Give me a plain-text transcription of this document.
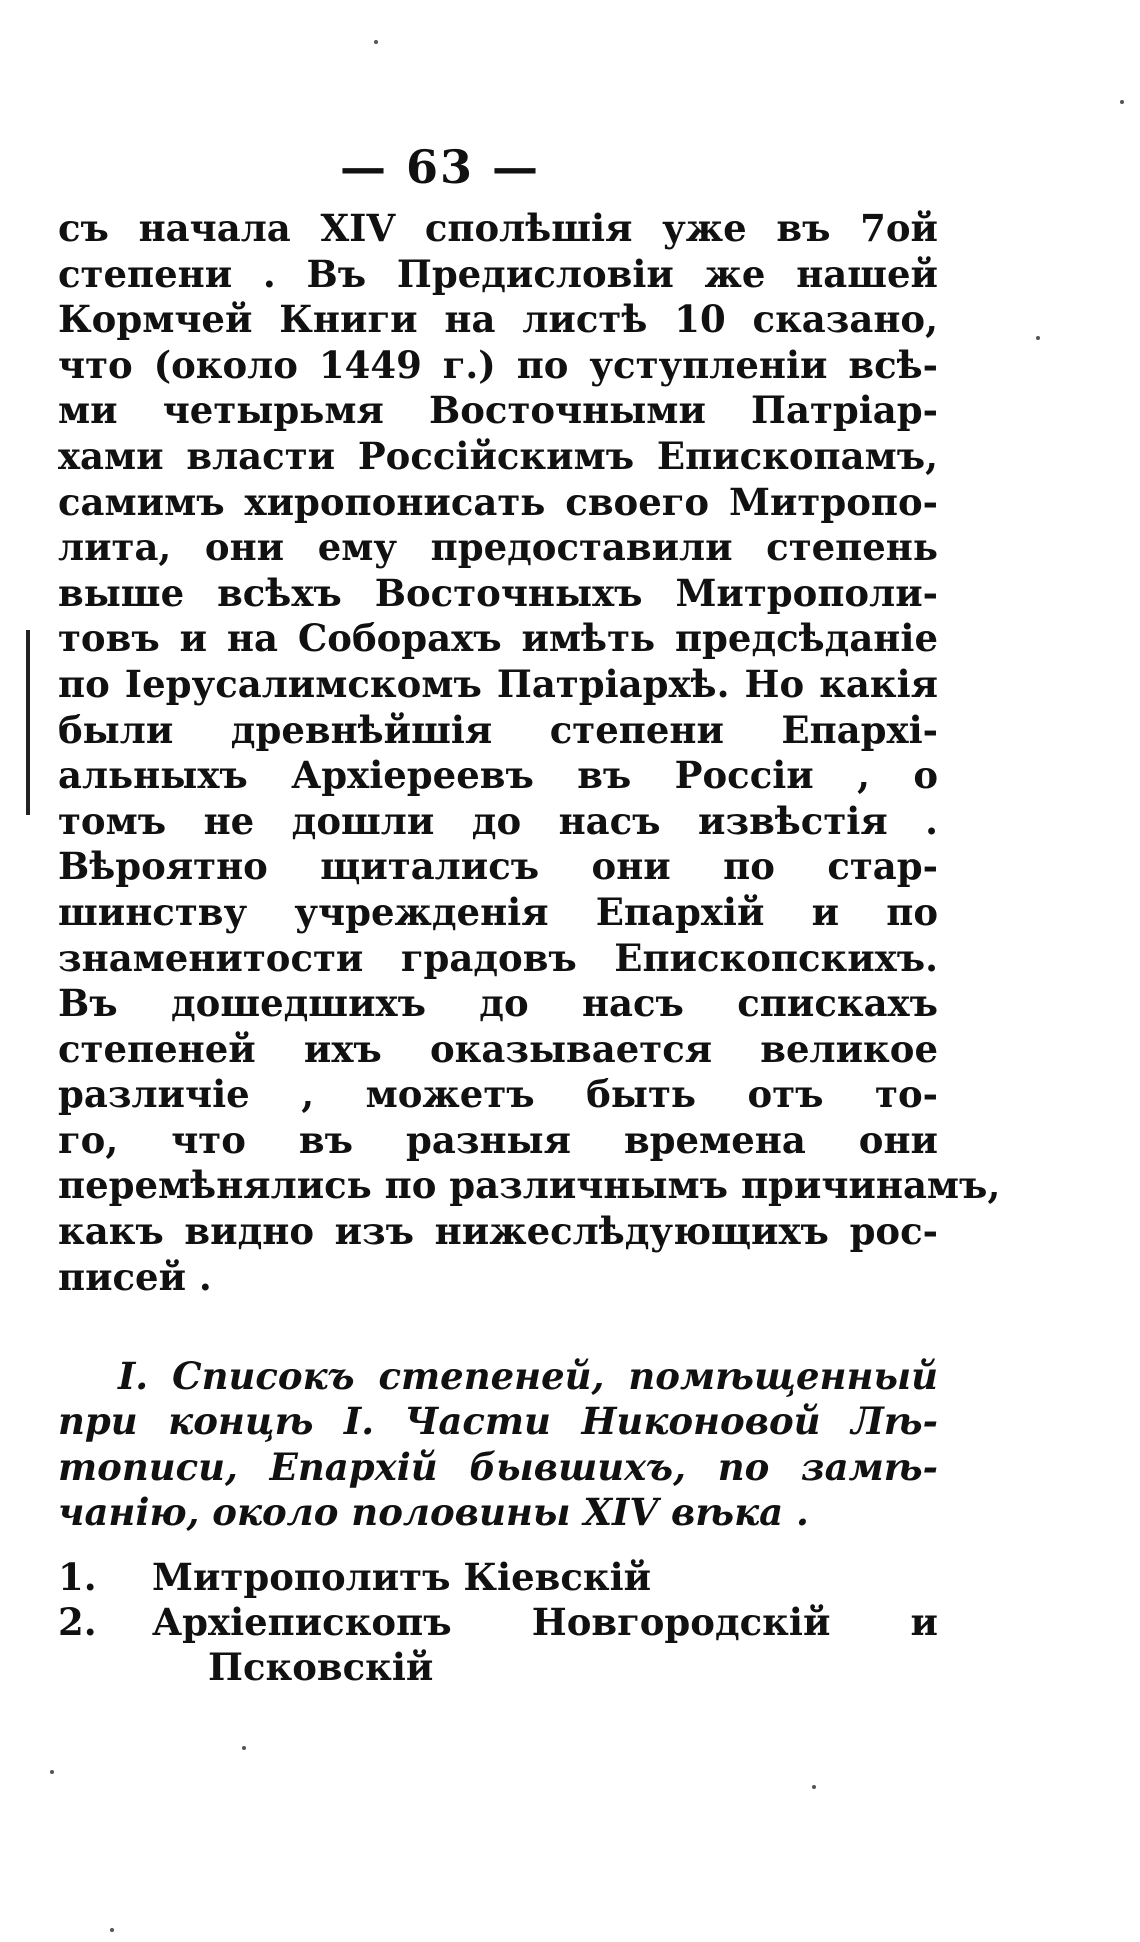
— 63 —
съ начала XIV сполѣшія уже въ 7ой
степени . Въ Предисловіи же нашей
Кормчей Книги на листѣ 10 сказано,
что (около 1449 г.) по уступленіи всѣ-
ми четырьмя Восточными Патріар-
хами власти Россійскимъ Епископамъ,
самимъ хиропонисать своего Митропо-
лита, они ему предоставили степень
выше всѣхъ Восточныхъ Митрополи-
товъ и на Соборахъ имѣть предсѣданіе
по Іерусалимскомъ Патріархѣ. Но какія
были древнѣйшія степени Епархі-
альныхъ Архіереевъ въ Россіи , о
томъ не дошли до насъ извѣстія .
Вѣроятно щиталисъ они по стар-
шинству учрежденія Епархій и по
знаменитости градовъ Епископскихъ.
Въ дошедшихъ до насъ спискахъ
степеней ихъ оказывается великое
различіе , можетъ быть отъ то-
го, что въ разныя времена они
перемѣнялись по различнымъ причинамъ,
какъ видно изъ нижеслѣдующихъ рос-
писей .
I. Списокъ степеней, помѣщенный
при концѣ I. Части Никоновой Лѣ-
тописи, Епархій бывшихъ, по замѣ-
чанію, около половины XIV вѣка .
1.	Митрополитъ Кіевскій
2.	Архіепископъ Новгородскій и
Псковскій
